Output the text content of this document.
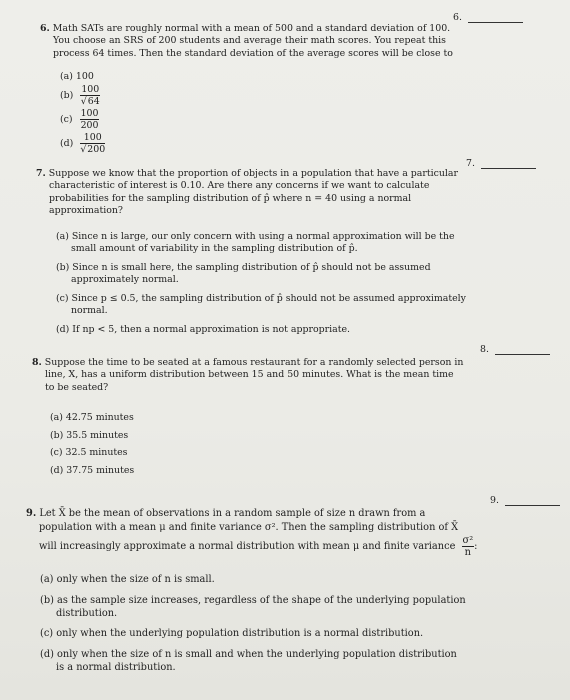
6.
6. Math SATs are roughly normal with a mean of 500 and a standard deviation of 100.
You choose an SRS of 200 students and average their math scores. You repeat this
process 64 times. Then the standard deviation of the average scores will be close to
(a) 100
$(b) \frac{100}{√64}$
$(c) \frac{100}{200}$
$(d) \frac{100}{√200}$
7.
7. Suppose we know that the proportion of objects in a population that have a particular
characteristic of interest is 0.10. Are there any concerns if we want to calculate
probabilities for the sampling distribution of p̂ where n = 40 using a normal
approximation?
(a) Since n is large, our only concern with using a normal approximation will be the
small amount of variability in the sampling distribution of p̂.
(b) Since n is small here, the sampling distribution of p̂ should not be assumed
approximately normal.
(c) Since p ≤ 0.5, the sampling distribution of p̂ should not be assumed approximately
normal.
(d) If np < 5, then a normal approximation is not appropriate.
8.
8. Suppose the time to be seated at a famous restaurant for a randomly selected person in
line, X, has a uniform distribution between 15 and 50 minutes. What is the mean time
to be seated?
(a) 42.75 minutes
(b) 35.5 minutes
(c) 32.5 minutes
(d) 37.75 minutes
9.
9. Let X̄ be the mean of observations in a random sample of size n drawn from a
population with a mean μ and finite variance σ². Then the sampling distribution of X̄
will increasingly approximate a normal distribution with mean μ and finite variance $\frac{\text{σ²}}{n}$ :
(a) only when the size of n is small.
(b) as the sample size increases, regardless of the shape of the underlying population
distribution.
(c) only when the underlying population distribution is a normal distribution.
(d) only when the size of n is small and when the underlying population distribution
is a normal distribution.
